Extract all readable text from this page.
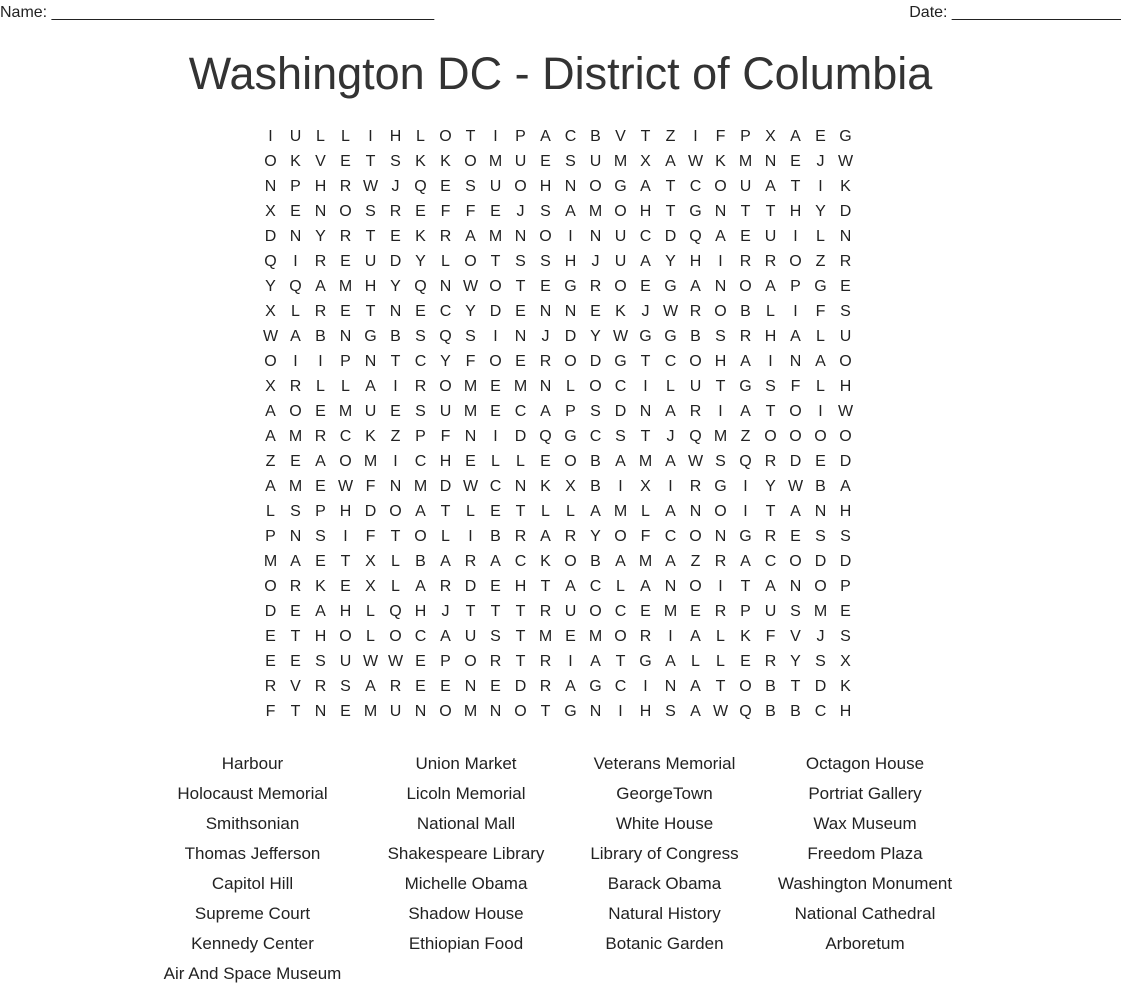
Name: ___________________________________________	Date: ___________________
Washington DC - District of Columbia
I	U L	L	I	H L O T	I	P A C B V T Z	I	F P X A E G
O K V E T S K K O M U E S U M X A W K M N E J W
N P H R W J Q E S U O H N O G A T C O U A T	I	K
X E N O S R E F F E J S A M O H T G N T T H Y D
D N Y R T E K R A M N O	I	N U C D Q A E U	I	L N
Q	I	R E U D Y L O T S S H J U A Y H	I	R R O Z R
Y Q A M H Y Q N W O T E G R O E G A N O A P G E
X L R E T N E C Y D E N N E K J W R O B L	I	F S
W A B N G B S Q S	I	N J D Y W G G B S R H A L U
O	I	I	P N T C Y F O E R O D G T C O H A	I	N A O
X R L	L A	I	R O M E M N L O C	I	L U T G S F L H
A O E M U E S U M E C A P S D N A R	I	A T O	I W
A M R C K Z P F N	I	D Q G C S T	J Q M Z O O O O
Z E A O M	I	C H E L	L E O B A M A W S Q R D E D
A M E W F N M D W C N K X B	I	X	I	R G	I	Y W B A
L S P H D O A T L E T L	L A M L A N O	I	T A N H
P N S	I	F T O L	I	B R A R Y O F C O N G R E S S
M A E T X L B A R A C K O B A M A Z R A C O D D
O R K E X L A R D E H T A C L A N O	I	T A N O P
D E A H L Q H J	T T T R U O C E M E R P U S M E
E T H O L O C A U S T M E M O R	I	A L K F V J S
E E S U W W E P O R T R	I	A T G A L	L E R Y S X
R V R S A R E E N E D R A G C	I	N A T O B T D K
F T N E M U N O M N O T G N	I	H S A W Q B B C H
Harbour	Union Market	Veterans Memorial	Octagon House
Holocaust Memorial	Licoln Memorial	GeorgeTown	Portriat Gallery
Smithsonian	National Mall	White House	Wax Museum
Thomas Jefferson	Shakespeare Library	Library of Congress	Freedom Plaza
Capitol Hill	Michelle Obama	Barack Obama	Washington Monument
Supreme Court	Shadow House	Natural History	National Cathedral
Kennedy Center	Ethiopian Food	Botanic Garden	Arboretum
Air And Space Museum
